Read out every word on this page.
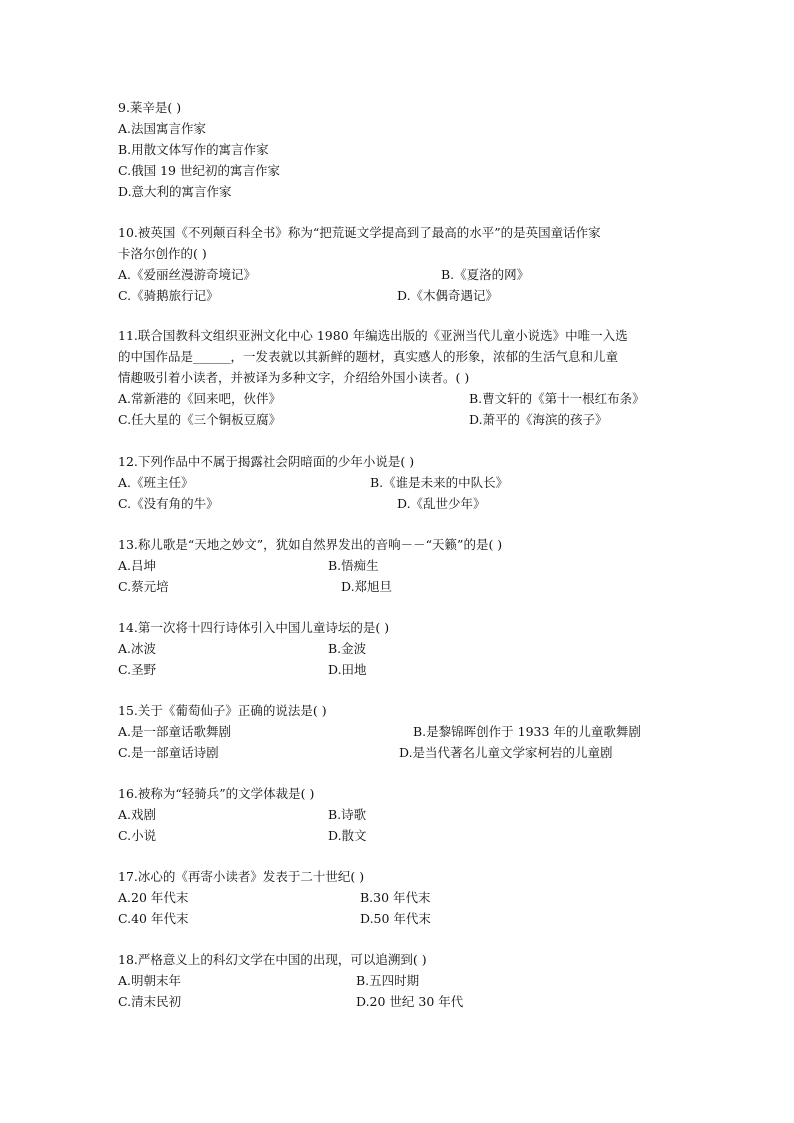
9.莱辛是( )
A.法国寓言作家
B.用散文体写作的寓言作家
C.俄国 19 世纪初的寓言作家
D.意大利的寓言作家
10.被英国《不列颠百科全书》称为“把荒诞文学提高到了最高的水平”的是英国童话作家
卡洛尔创作的( )
A.《爱丽丝漫游奇境记》	B.《夏洛的网》
C.《骑鹅旅行记》	D.《木偶奇遇记》
11.联合国教科文组织亚洲文化中心 1980 年编选出版的《亚洲当代儿童小说选》中唯一入选
的中国作品是______，一发表就以其新鲜的题材，真实感人的形象，浓郁的生活气息和儿童
情趣吸引着小读者，并被译为多种文字，介绍给外国小读者。( )
A.常新港的《回来吧，伙伴》	B.曹文轩的《第十一根红布条》
C.任大星的《三个铜板豆腐》	D.萧平的《海滨的孩子》
12.下列作品中不属于揭露社会阴暗面的少年小说是( )
A.《班主任》	B.《谁是未来的中队长》
C.《没有角的牛》	D.《乱世少年》
13.称儿歌是“天地之妙文”，犹如自然界发出的音响－－“天籁”的是( )
A.吕坤	B.悟痴生
C.蔡元培	D.郑旭旦
14.第一次将十四行诗体引入中国儿童诗坛的是( )
A.冰波	B.金波
C.圣野	D.田地
15.关于《葡萄仙子》正确的说法是( )
A.是一部童话歌舞剧	B.是黎锦晖创作于 1933 年的儿童歌舞剧
C.是一部童话诗剧	D.是当代著名儿童文学家柯岩的儿童剧
16.被称为“轻骑兵”的文学体裁是( )
A.戏剧	B.诗歌
C.小说	D.散文
17.冰心的《再寄小读者》发表于二十世纪( )
A.20 年代末	B.30 年代末
C.40 年代末	D.50 年代末
18.严格意义上的科幻文学在中国的出现，可以追溯到( )
A.明朝末年	B.五四时期
C.清末民初	D.20 世纪 30 年代
